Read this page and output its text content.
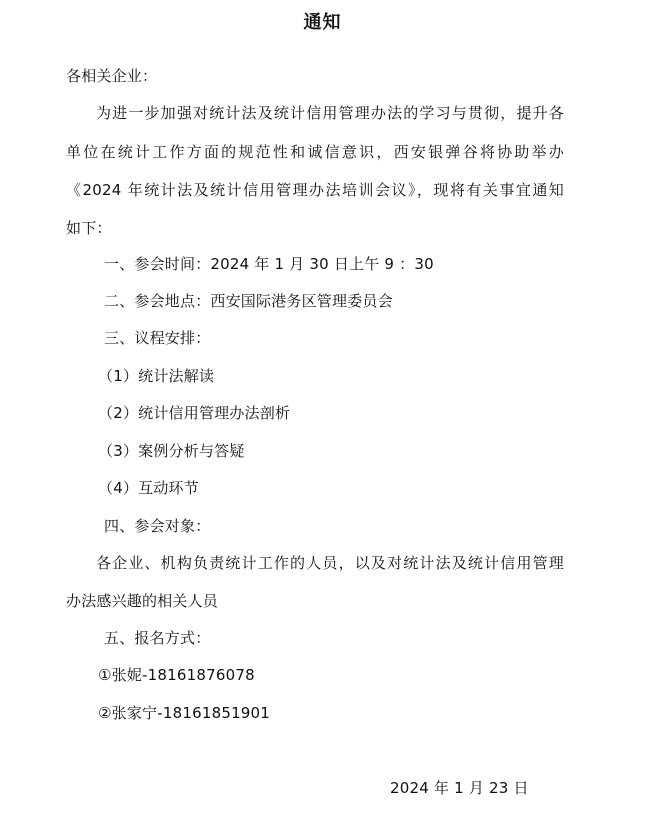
通知
各相关企业：
为进一步加强对统计法及统计信用管理办法的学习与贯彻，提升各
单位在统计工作方面的规范性和诚信意识，西安银弹谷将协助举办
《2024 年统计法及统计信用管理办法培训会议》，现将有关事宜通知
如下：
一、参会时间：2024 年 1 月 30 日上午 9 ：30
二、参会地点：西安国际港务区管理委员会
三、议程安排：
（1）统计法解读
（2）统计信用管理办法剖析
（3）案例分析与答疑
（4）互动环节
四、参会对象：
各企业、机构负责统计工作的人员，以及对统计法及统计信用管理
办法感兴趣的相关人员
五、报名方式：
①张妮-18161876078
②张家宁-18161851901
2024 年 1 月 23 日
